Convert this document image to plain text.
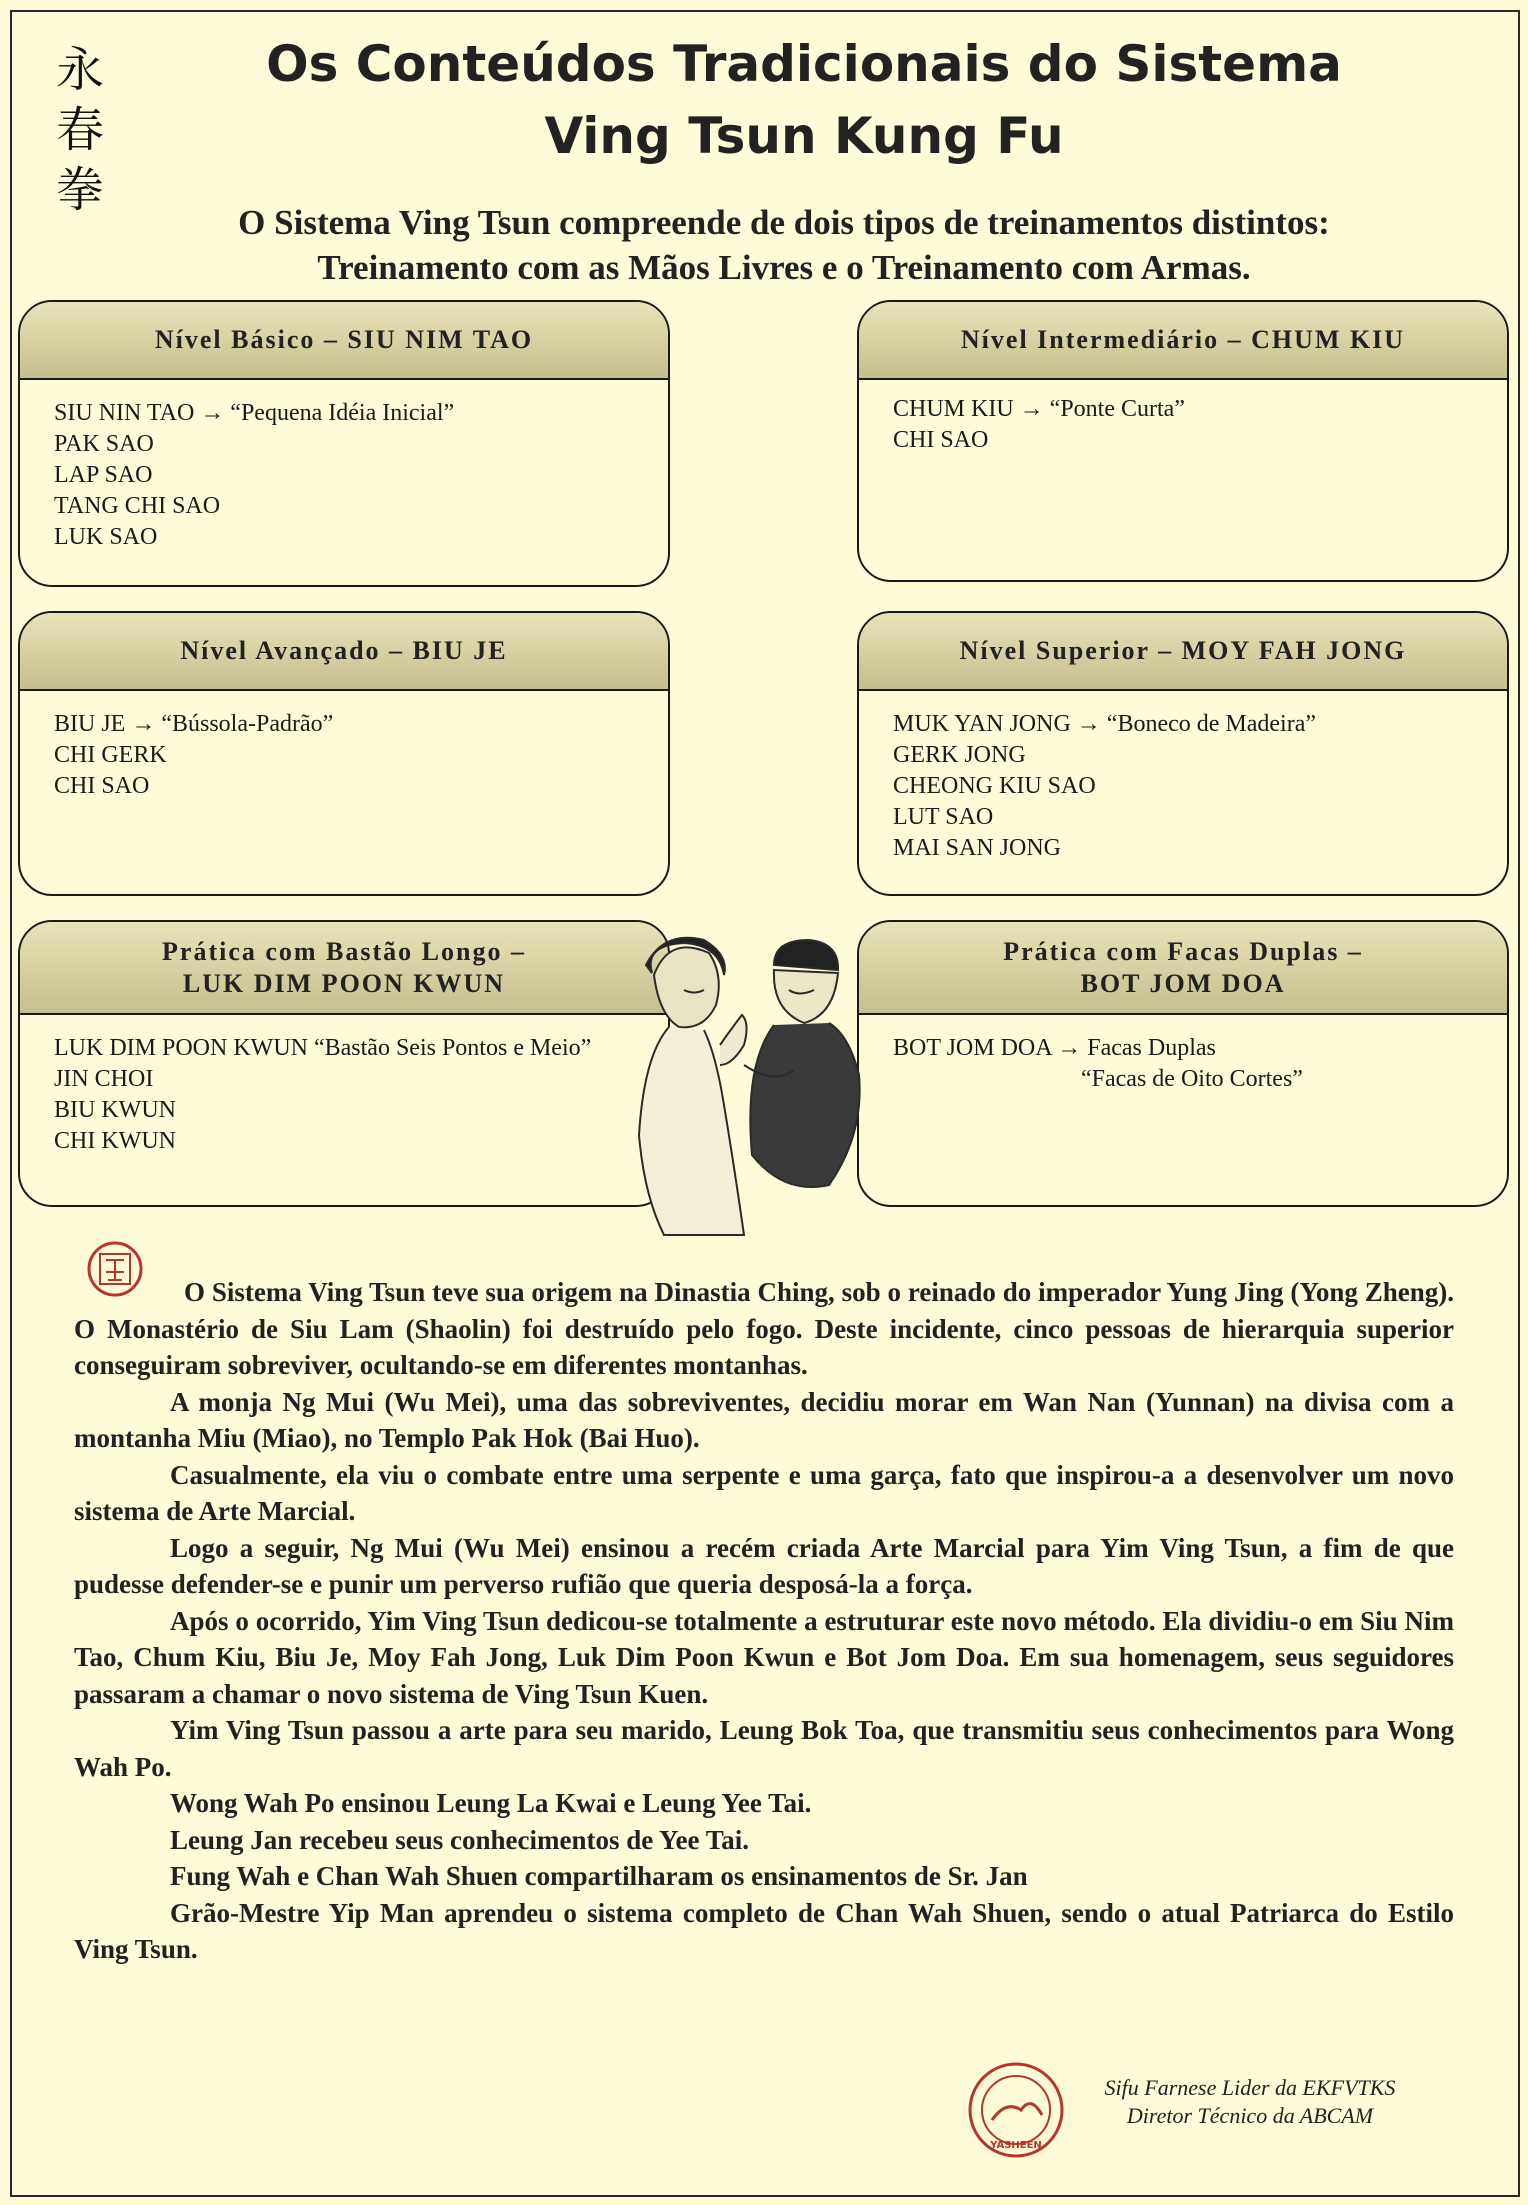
永
春
拳
Os Conteúdos Tradicionais do Sistema
Ving Tsun Kung Fu
O Sistema Ving Tsun compreende de dois tipos de treinamentos distintos:
Treinamento com as Mãos Livres e o Treinamento com Armas.
Nível Básico – SIU NIM TAO
SIU NIN TAO → “Pequena Idéia Inicial”
PAK SAO
LAP SAO
TANG CHI SAO
LUK SAO
Nível Intermediário – CHUM KIU
CHUM KIU → “Ponte Curta”
CHI SAO
Nível Avançado – BIU JE
BIU JE → “Bússola-Padrão”
CHI GERK
CHI SAO
Nível Superior – MOY FAH JONG
MUK YAN JONG → “Boneco de Madeira”
GERK JONG
CHEONG KIU SAO
LUT SAO
MAI SAN JONG
Prática com Bastão Longo –
LUK DIM POON KWUN
LUK DIM POON KWUN “Bastão Seis Pontos e Meio”
JIN CHOI
BIU KWUN
CHI KWUN
Prática com Facas Duplas –
BOT JOM DOA
BOT JOM DOA → Facas Duplas
“Facas de Oito Cortes”

O Sistema Ving Tsun teve sua origem na Dinastia Ching, sob o reinado do imperador Yung Jing (Yong Zheng). O Monastério de Siu Lam (Shaolin) foi destruído pelo fogo. Deste incidente, cinco pessoas de hierarquia superior conseguiram sobreviver, ocultando-se em diferentes montanhas.

A monja Ng Mui (Wu Mei), uma das sobreviventes, decidiu morar em Wan Nan (Yunnan) na divisa com a montanha Miu (Miao), no Templo Pak Hok (Bai Huo).

Casualmente, ela viu o combate entre uma serpente e uma garça, fato que inspirou-a a desenvolver um novo sistema de Arte Marcial.

Logo a seguir, Ng Mui (Wu Mei) ensinou a recém criada Arte Marcial para Yim Ving Tsun, a fim de que pudesse defender-se e punir um perverso rufião que queria desposá-la a força.

Após o ocorrido, Yim Ving Tsun dedicou-se totalmente a estruturar este novo método. Ela dividiu-o em Siu Nim Tao, Chum Kiu, Biu Je, Moy Fah Jong, Luk Dim Poon Kwun e Bot Jom Doa. Em sua homenagem, seus seguidores passaram a chamar o novo sistema de Ving Tsun Kuen.

Yim Ving Tsun passou a arte para seu marido, Leung Bok Toa, que transmitiu seus conhecimentos para Wong Wah Po.

Wong Wah Po ensinou Leung La Kwai e Leung Yee Tai.

Leung Jan recebeu seus conhecimentos de Yee Tai.

Fung Wah e Chan Wah Shuen compartilharam os ensinamentos de Sr. Jan

Grão-Mestre Yip Man aprendeu o sistema completo de Chan Wah Shuen, sendo o atual Patriarca do Estilo Ving Tsun.

YASHEEN
Sifu Farnese Lider da EKFVTKS
Diretor Técnico da ABCAM
